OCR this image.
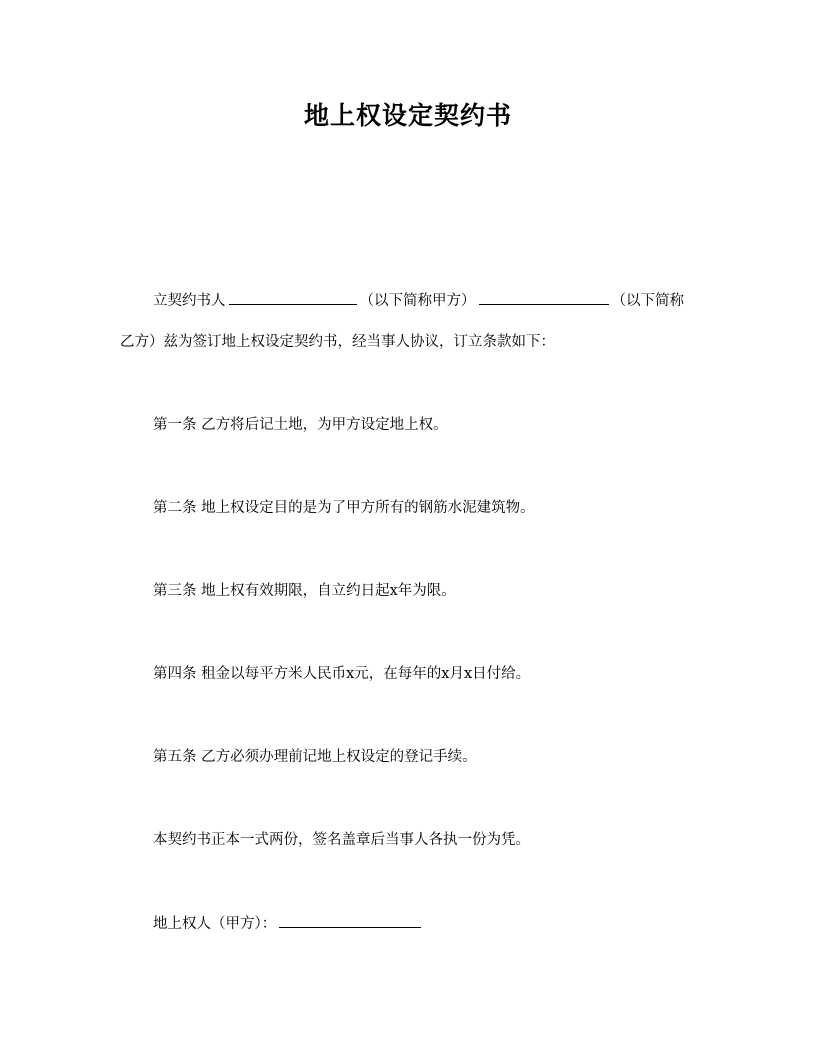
地上权设定契约书
立契约书人	（以下简称甲方）	（以下简称
乙方）兹为签订地上权设定契约书，经当事人协议，订立条款如下：
第一条 乙方将后记土地，为甲方设定地上权。
第二条 地上权设定目的是为了甲方所有的钢筋水泥建筑物。
第三条 地上权有效期限，自立约日起x年为限。
第四条 租金以每平方米人民币x元，在每年的x月x日付给。
第五条 乙方必须办理前记地上权设定的登记手续。
本契约书正本一式两份，签名盖章后当事人各执一份为凭。
地上权人（甲方）：
